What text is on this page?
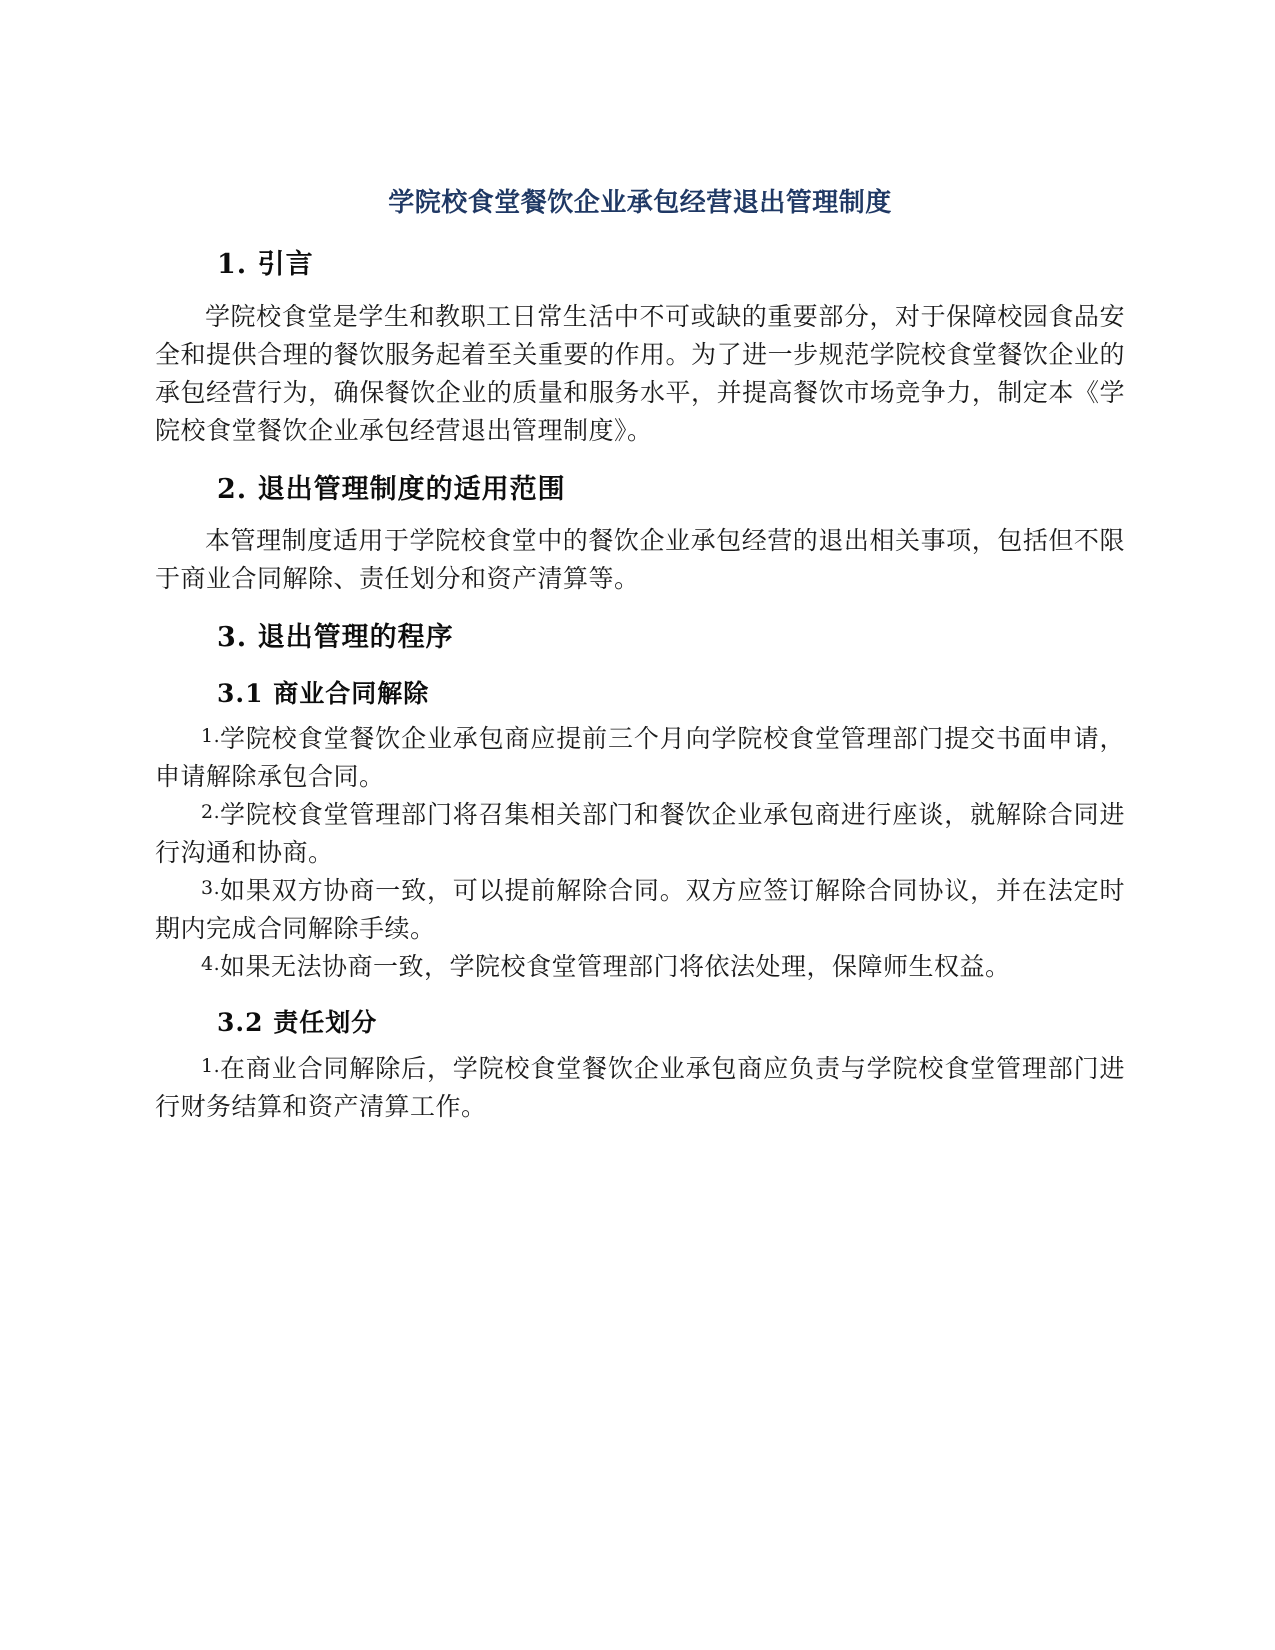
学院校食堂餐饮企业承包经营退出管理制度
1. 引言

学院校食堂是学生和教职工日常生活中不可或缺的重要部分，对于保障校园食品安全和提供合理的餐饮服务起着至关重要的作用。为了进一步规范学院校食堂餐饮企业的承包经营行为，确保餐饮企业的质量和服务水平，并提高餐饮市场竞争力，制定本《学院校食堂餐饮企业承包经营退出管理制度》。

2. 退出管理制度的适用范围

本管理制度适用于学院校食堂中的餐饮企业承包经营的退出相关事项，包括但不限于商业合同解除、责任划分和资产清算等。

3. 退出管理的程序
3.1 商业合同解除
学院校食堂餐饮企业承包商应提前三个月向学院校食堂管理部门提交书面申请，申请解除承包合同。
学院校食堂管理部门将召集相关部门和餐饮企业承包商进行座谈，就解除合同进行沟通和协商。
如果双方协商一致，可以提前解除合同。双方应签订解除合同协议，并在法定时期内完成合同解除手续。
如果无法协商一致，学院校食堂管理部门将依法处理，保障师生权益。
3.2 责任划分
在商业合同解除后，学院校食堂餐饮企业承包商应负责与学院校食堂管理部门进行财务结算和资产清算工作。
